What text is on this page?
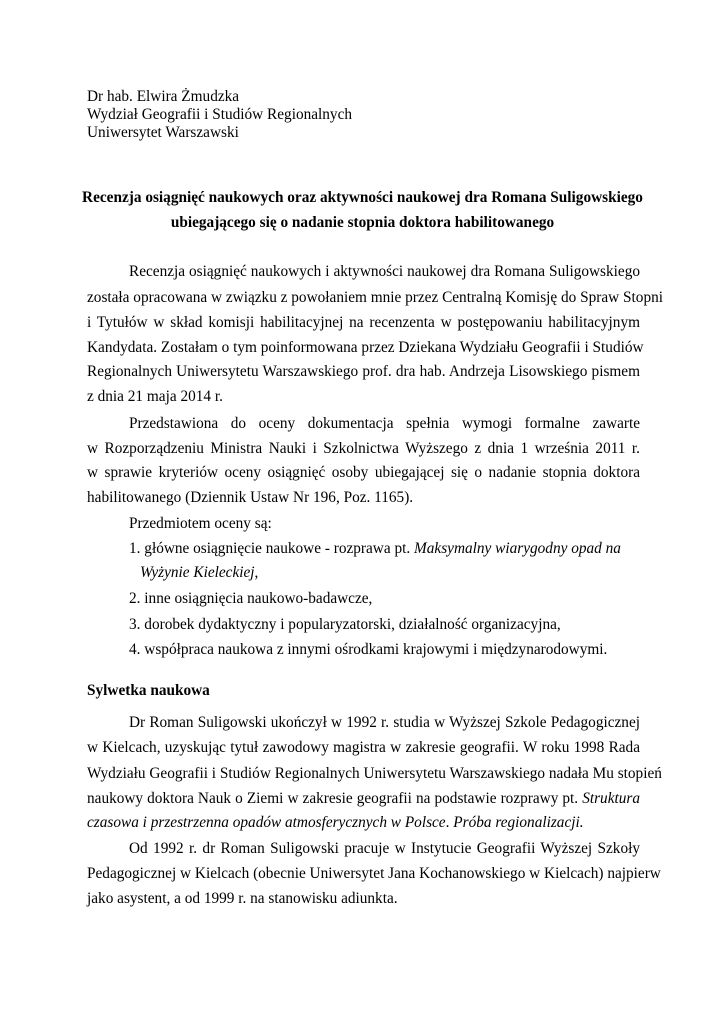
Dr hab. Elwira Żmudzka
Wydział Geografii i Studiów Regionalnych
Uniwersytet Warszawski
Recenzja osiągnięć naukowych oraz aktywności naukowej dra Romana Suligowskiego
ubiegającego się o nadanie stopnia doktora habilitowanego
Recenzja osiągnięć naukowych i aktywności naukowej dra Romana Suligowskiego
została opracowana w związku z powołaniem mnie przez Centralną Komisję do Spraw Stopni
i Tytułów w skład komisji habilitacyjnej na recenzenta w postępowaniu habilitacyjnym
Kandydata. Zostałam o tym poinformowana przez Dziekana Wydziału Geografii i Studiów
Regionalnych Uniwersytetu Warszawskiego prof. dra hab. Andrzeja Lisowskiego pismem
z dnia 21 maja 2014 r.
Przedstawiona do oceny dokumentacja spełnia wymogi formalne zawarte
w Rozporządzeniu Ministra Nauki i Szkolnictwa Wyższego z dnia 1 września 2011 r.
w sprawie kryteriów oceny osiągnięć osoby ubiegającej się o nadanie stopnia doktora
habilitowanego (Dziennik Ustaw Nr 196, Poz. 1165).
Przedmiotem oceny są:
1. główne osiągnięcie naukowe - rozprawa pt. Maksymalny wiarygodny opad na
Wyżynie Kieleckiej,
2. inne osiągnięcia naukowo-badawcze,
3. dorobek dydaktyczny i popularyzatorski, działalność organizacyjna,
4. współpraca naukowa z innymi ośrodkami krajowymi i międzynarodowymi.
Sylwetka naukowa
Dr Roman Suligowski ukończył w 1992 r. studia w Wyższej Szkole Pedagogicznej
w Kielcach, uzyskując tytuł zawodowy magistra w zakresie geografii. W roku 1998 Rada
Wydziału Geografii i Studiów Regionalnych Uniwersytetu Warszawskiego nadała Mu stopień
naukowy doktora Nauk o Ziemi w zakresie geografii na podstawie rozprawy pt. Struktura
czasowa i przestrzenna opadów atmosferycznych w Polsce. Próba regionalizacji.
Od 1992 r. dr Roman Suligowski pracuje w Instytucie Geografii Wyższej Szkoły
Pedagogicznej w Kielcach (obecnie Uniwersytet Jana Kochanowskiego w Kielcach) najpierw
jako asystent, a od 1999 r. na stanowisku adiunkta.
